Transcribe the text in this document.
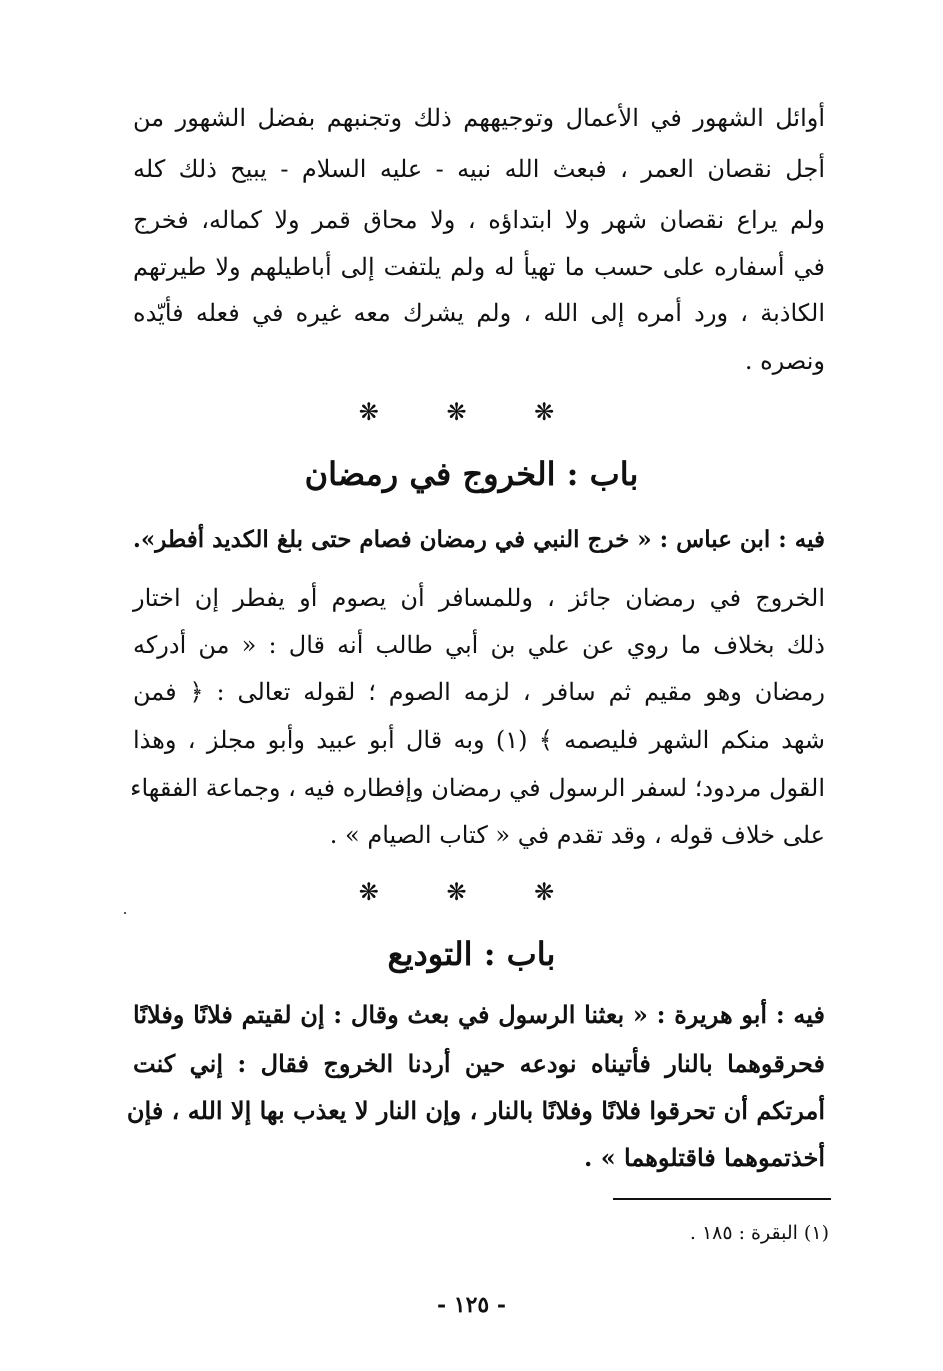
أوائل الشهور في الأعمال وتوجيههم ذلك وتجنبهم بفضل الشهور من
أجل نقصان العمر ، فبعث الله نبيه - عليه السلام - يبيح ذلك كله
ولم يراع نقصان شهر ولا ابتداؤه ، ولا محاق قمر ولا كماله، فخرج
في أسفاره على حسب ما تهيأ له ولم يلتفت إلى أباطيلهم ولا طيرتهم
الكاذبة ، ورد أمره إلى الله ، ولم يشرك معه غيره في فعله فأيّده
ونصره .
❋ ❋ ❋
باب : الخروج في رمضان
فيه : ابن عباس : « خرج النبي في رمضان فصام حتى بلغ الكديد أفطر».
الخروج في رمضان جائز ، وللمسافر أن يصوم أو يفطر إن اختار
ذلك بخلاف ما روي عن علي بن أبي طالب أنه قال : « من أدركه
رمضان وهو مقيم ثم سافر ، لزمه الصوم ؛ لقوله تعالى : ﴿ فمن
شهد منكم الشهر فليصمه ﴾ (١) وبه قال أبو عبيد وأبو مجلز ، وهذا
القول مردود؛ لسفر الرسول في رمضان وإفطاره فيه ، وجماعة الفقهاء
على خلاف قوله ، وقد تقدم في « كتاب الصيام » .
❋ ❋ ❋
باب : التوديع
فيه : أبو هريرة : « بعثنا الرسول في بعث وقال : إن لقيتم فلانًا وفلانًا
فحرقوهما بالنار فأتيناه نودعه حين أردنا الخروج فقال : إني كنت
أمرتكم أن تحرقوا فلانًا وفلانًا بالنار ، وإن النار لا يعذب بها إلا الله ، فإن
أخذتموهما فاقتلوهما » .
(١) البقرة : ١٨٥ .
- ١٢٥ -
